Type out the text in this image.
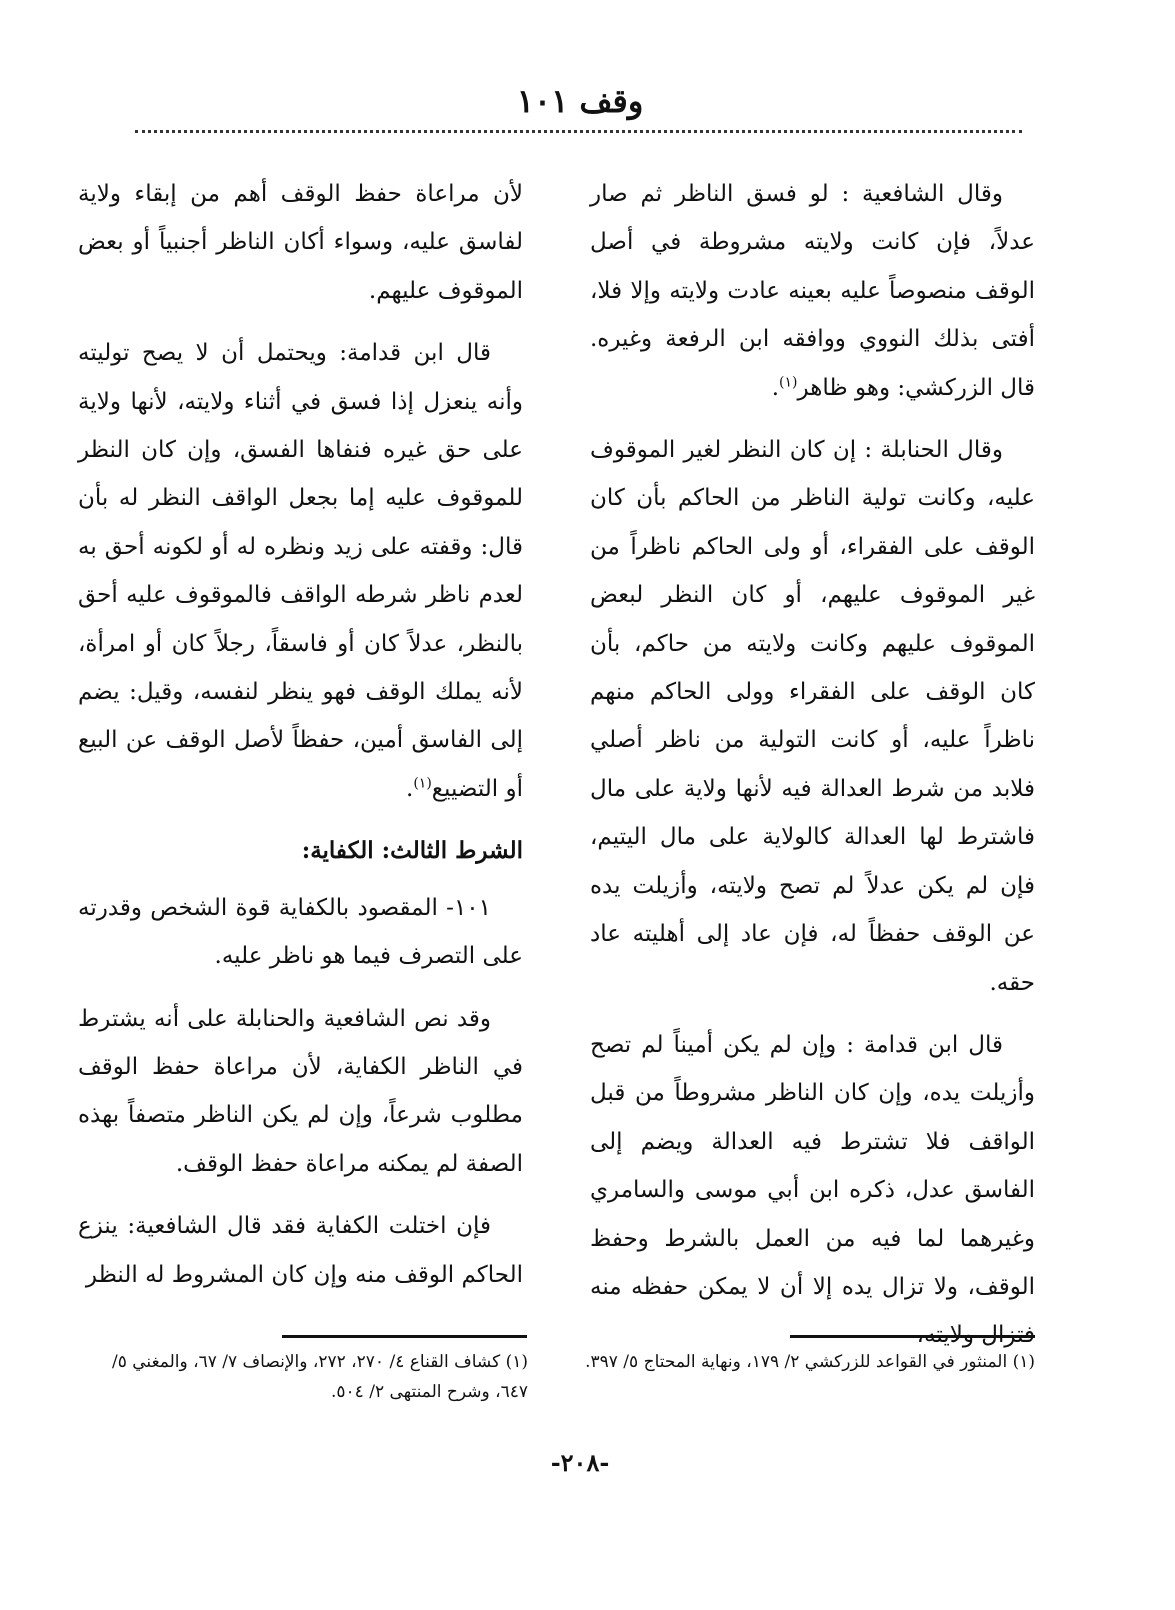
وقف ١٠١

وقال الشافعية : لو فسق الناظر ثم صار عدلاً، فإن كانت ولايته مشروطة في أصل الوقف منصوصاً عليه بعينه عادت ولايته وإلا فلا، أفتى بذلك النووي ووافقه ابن الرفعة وغيره. قال الزركشي: وهو ظاهر$^{(١)}$.

وقال الحنابلة : إن كان النظر لغير الموقوف عليه، وكانت تولية الناظر من الحاكم بأن كان الوقف على الفقراء، أو ولى الحاكم ناظراً من غير الموقوف عليهم، أو كان النظر لبعض الموقوف عليهم وكانت ولايته من حاكم، بأن كان الوقف على الفقراء وولى الحاكم منهم ناظراً عليه، أو كانت التولية من ناظر أصلي فلابد من شرط العدالة فيه لأنها ولاية على مال فاشترط لها العدالة كالولاية على مال اليتيم، فإن لم يكن عدلاً لم تصح ولايته، وأزيلت يده عن الوقف حفظاً له، فإن عاد إلى أهليته عاد حقه.

قال ابن قدامة : وإن لم يكن أميناً لم تصح وأزيلت يده، وإن كان الناظر مشروطاً من قبل الواقف فلا تشترط فيه العدالة ويضم إلى الفاسق عدل، ذكره ابن أبي موسى والسامري وغيرهما لما فيه من العمل بالشرط وحفظ الوقف، ولا تزال يده إلا أن لا يمكن حفظه منه فتزال ولايته،

لأن مراعاة حفظ الوقف أهم من إبقاء ولاية لفاسق عليه، وسواء أكان الناظر أجنبياً أو بعض الموقوف عليهم.

قال ابن قدامة: ويحتمل أن لا يصح توليته وأنه ينعزل إذا فسق في أثناء ولايته، لأنها ولاية على حق غيره فنفاها الفسق، وإن كان النظر للموقوف عليه إما بجعل الواقف النظر له بأن قال: وقفته على زيد ونظره له أو لكونه أحق به لعدم ناظر شرطه الواقف فالموقوف عليه أحق بالنظر، عدلاً كان أو فاسقاً، رجلاً كان أو امرأة، لأنه يملك الوقف فهو ينظر لنفسه، وقيل: يضم إلى الفاسق أمين، حفظاً لأصل الوقف عن البيع أو التضييع$^{(١)}$.

الشرط الثالث: الكفاية:

١٠١- المقصود بالكفاية قوة الشخص وقدرته على التصرف فيما هو ناظر عليه.

وقد نص الشافعية والحنابلة على أنه يشترط في الناظر الكفاية، لأن مراعاة حفظ الوقف مطلوب شرعاً، وإن لم يكن الناظر متصفاً بهذه الصفة لم يمكنه مراعاة حفظ الوقف.

فإن اختلت الكفاية فقد قال الشافعية: ينزع الحاكم الوقف منه وإن كان المشروط له النظر

(١) المنثور في القواعد للزركشي ٢/ ١٧٩، ونهاية المحتاج ٥/ ٣٩٧.
(١) كشاف القناع ٤/ ٢٧٠، ٢٧٢، والإنصاف ٧/ ٦٧، والمغني ٥/ ٦٤٧، وشرح المنتهى ٢/ ٥٠٤.
-٢٠٨-
